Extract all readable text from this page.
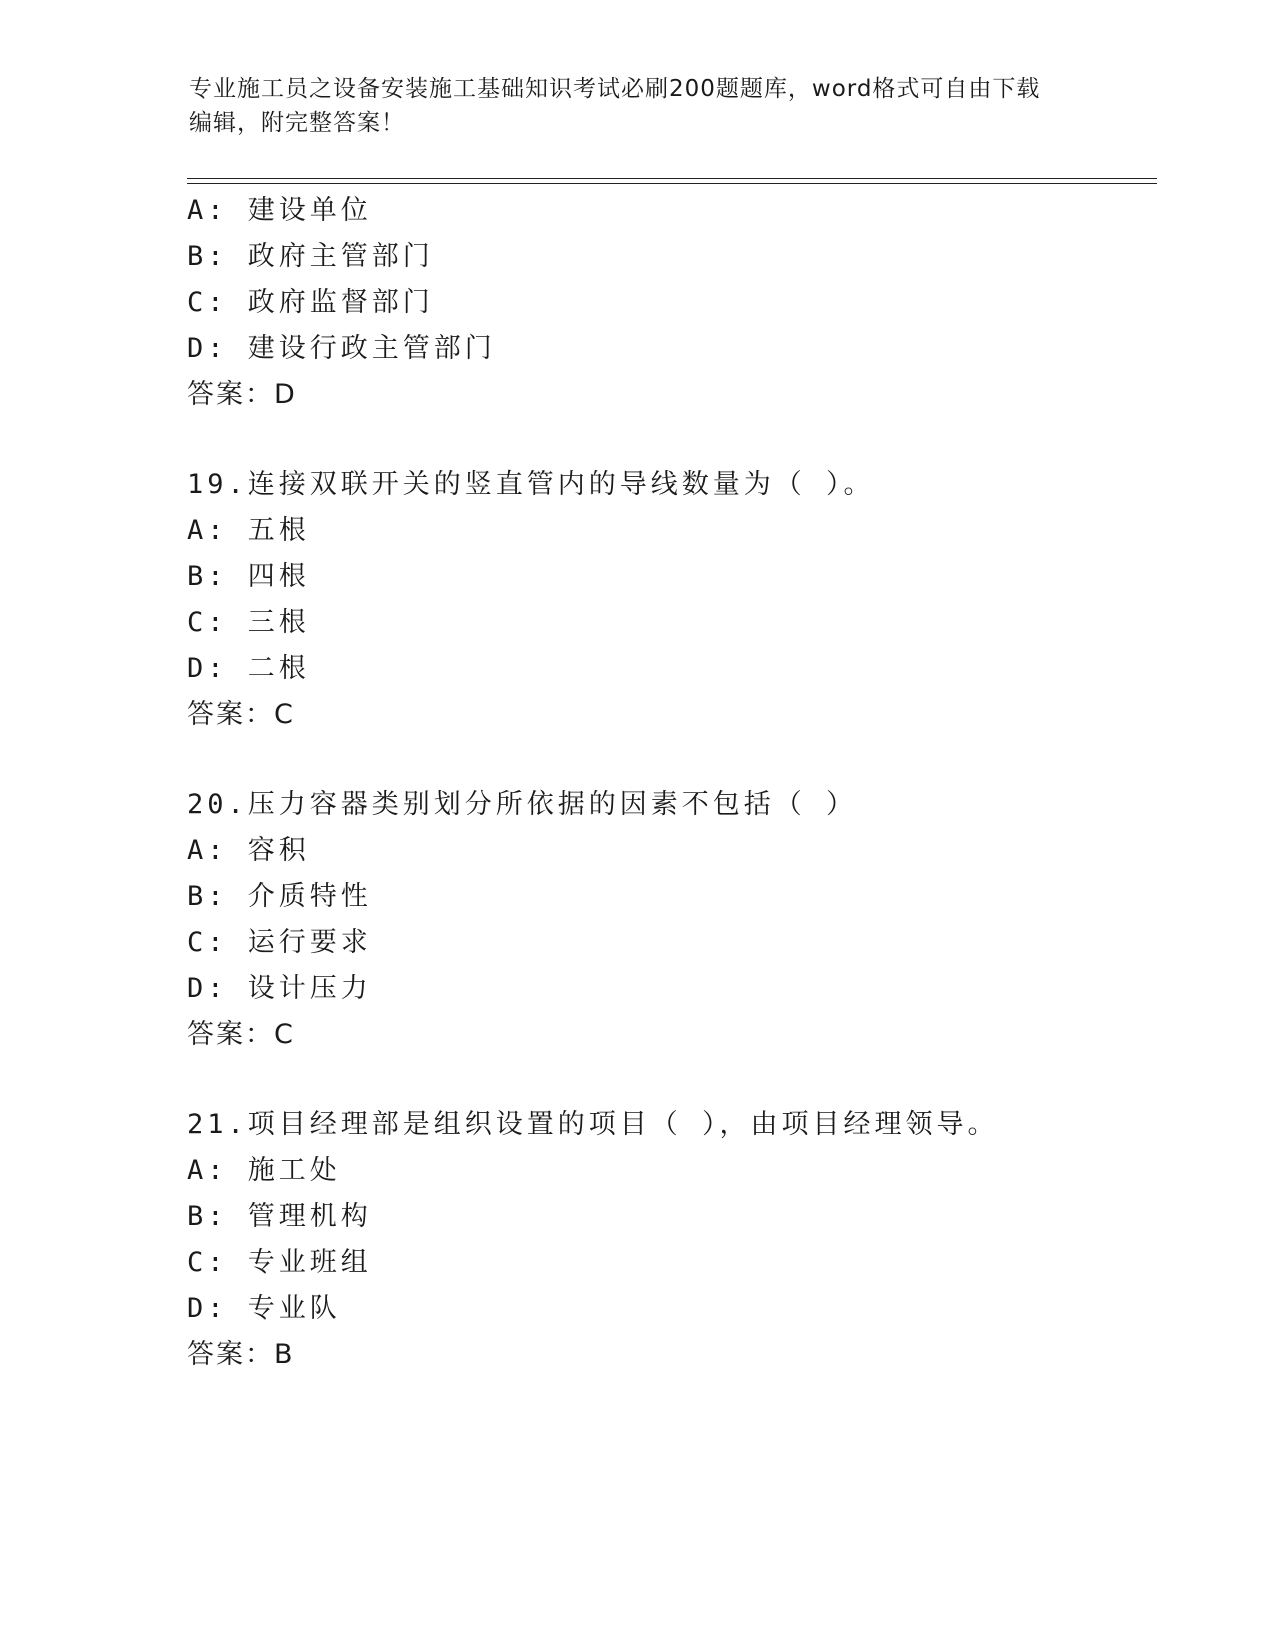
专业施工员之设备安装施工基础知识考试必刷200题题库，word格式可自由下载
编辑，附完整答案！
A: 建设单位
B: 政府主管部门
C: 政府监督部门
D: 建设行政主管部门
答案：D
19.连接双联开关的竖直管内的导线数量为（ ）。
A: 五根
B: 四根
C: 三根
D: 二根
答案：C
20.压力容器类别划分所依据的因素不包括（ ）
A: 容积
B: 介质特性
C: 运行要求
D: 设计压力
答案：C
21.项目经理部是组织设置的项目（ ），由项目经理领导。
A: 施工处
B: 管理机构
C: 专业班组
D: 专业队
答案：B
